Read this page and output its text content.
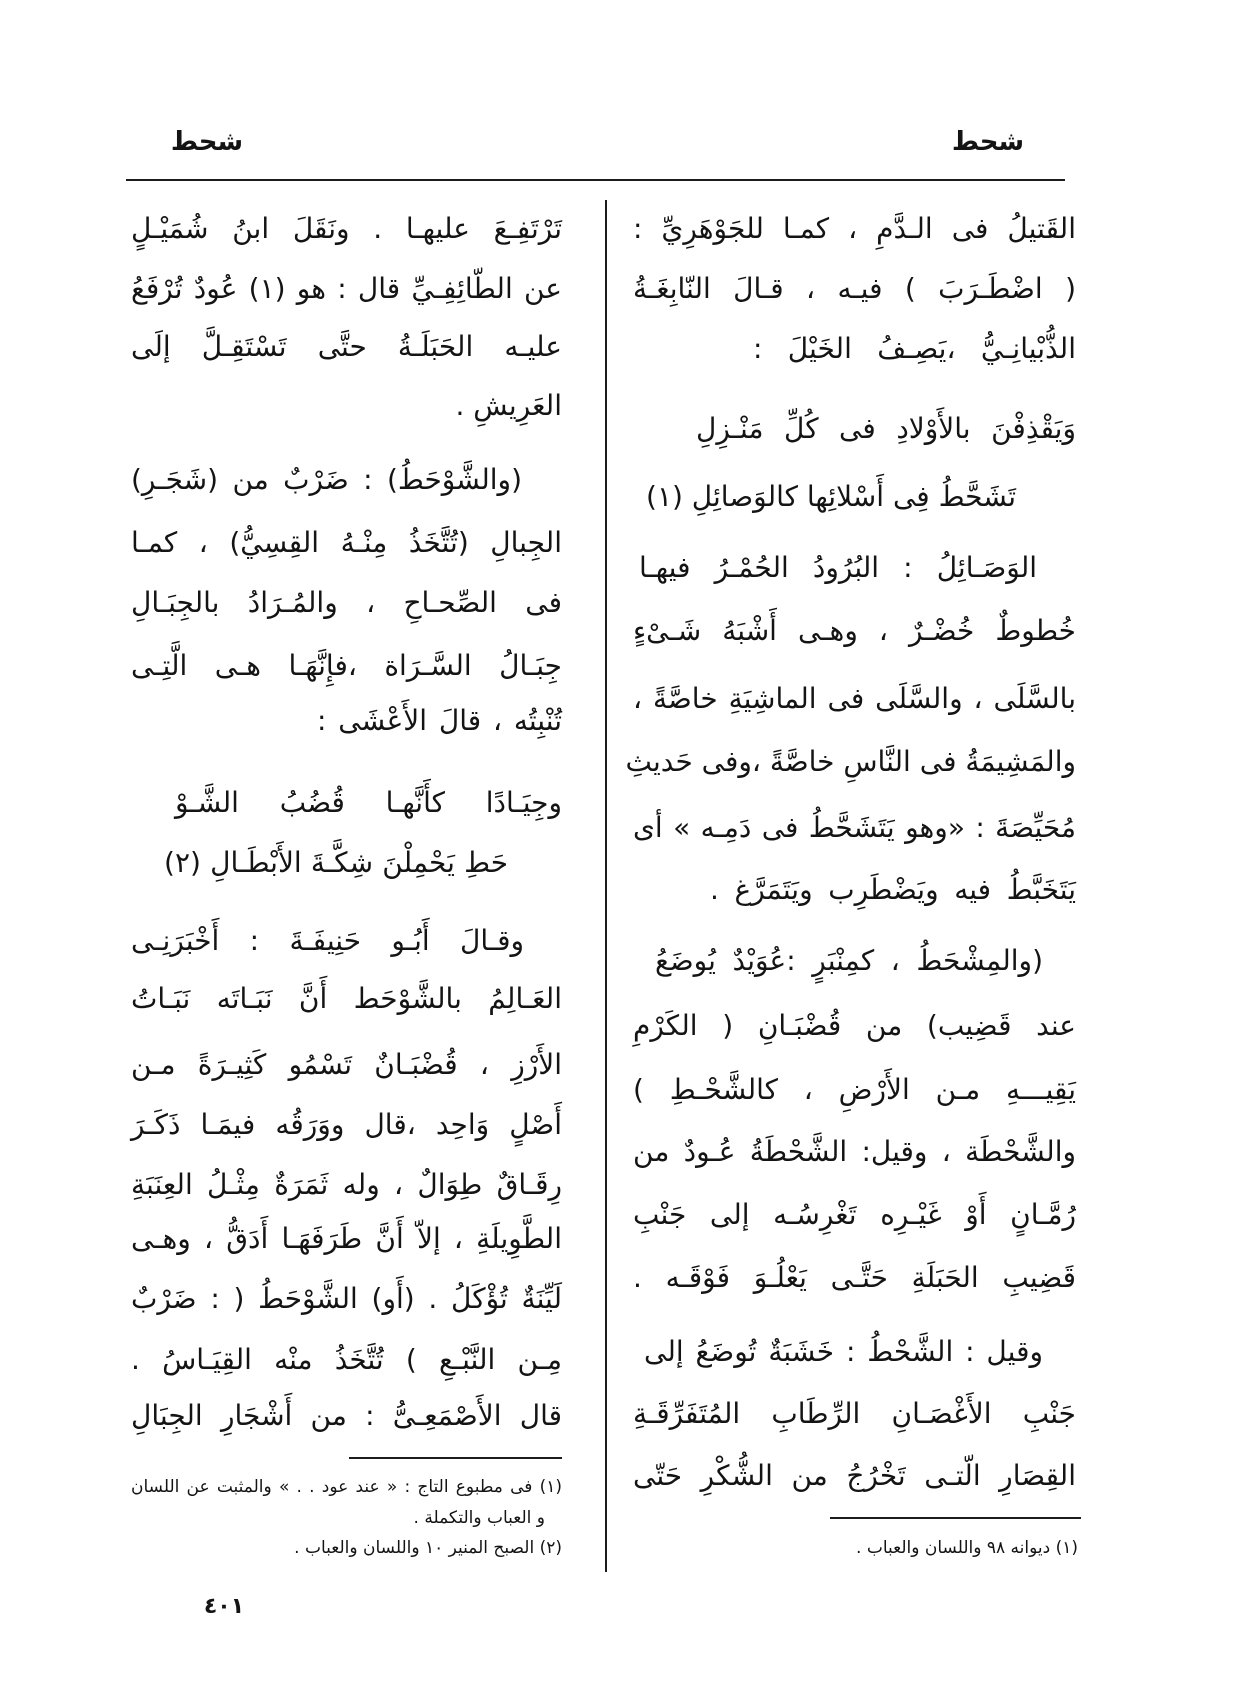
شحط
شحط
القَتيلُ فى الـدَّمِ ، كمـا للجَوْهَرِيِّ :
( اضْطَـرَبَ ) فيـه ، قـالَ النّابِغَـةُ
الذُّبْيانِـيُّ ،يَصِـفُ الخَيْلَ :
وَيَقْذِفْنَ بالأَوْلادِ فى كُلِّ مَنْـزِلِ
تَشَحَّطُ فِى أَسْلائِها كالوَصائِلِ (١)
الوَصَـائِلُ : البُرُودُ الحُمْـرُ فيهـا
خُطوطٌ خُضْـرٌ ، وهـى أَشْبَهُ شَـىْءٍ
بالسَّلَى ، والسَّلَى فى الماشِيَةِ خاصَّةً ،
والمَشِيمَةُ فى النَّاسِ خاصَّةً ،وفى حَديثِ
مُحَيِّصَةَ : «وهو يَتَشَحَّطُ فى دَمِـه » أى
يَتَخَبَّطُ فيه ويَضْطَرِب ويَتَمَرَّغ .
(والمِشْحَطُ ، كمِنْبَرٍ :عُوَيْدٌ يُوضَعُ
عند قَضِيب) من قُضْبَـانِ ( الكَرْمِ
يَقِيـــهِ مـن الأَرْضِ ، كالشَّحْـطِ )
والشَّحْطَة ، وقيل: الشَّحْطَةُ عُـودٌ من
رُمَّـانٍ أَوْ غَيْـرِه تَغْرِسُـه إلى جَنْبِ
قَضِيبِ الحَبَلَةِ حَتَّـى يَعْلُـوَ فَوْقَـه .
وقيل : الشَّحْطُ : خَشَبَةٌ تُوضَعُ إلى
جَنْبِ الأَغْصَـانِ الرِّطَابِ المُتَفَرِّقَـةِ
القِصَارِ الّتـى تَخْرُجُ من الشُّكْرِ حَتّى
(١) ديوانه ٩٨ واللسان والعباب .
تَرْتَفِـعَ عليهـا . ونَقَلَ ابنُ شُمَيْـلٍ
عن الطّائِفِـيِّ قال : هو (١) عُودٌ تُرْفَعُ
عليـه الحَبَلَـةُ حتَّى تَسْتَقِـلَّ إلَى
العَرِيشِ .
(والشَّوْحَطُ) : ضَرْبٌ من (شَجَـرِ)
الجِبالِ (تُتَّخَذُ مِنْـهُ القِسِيُّ) ، كمـا
فى الصِّحـاحِ ، والمُـرَادُ بالجِبَـالِ
جِبَـالُ السَّـرَاة ،فإِنَّهَـا هـى الَّتِـى
تُنْبِتُه ، قالَ الأَعْشَى :
وجِيَـادًا كأَنَّهـا قُضُبُ الشَّـوْ
حَطِ يَحْمِلْنَ شِكَّـةَ الأَبْطَـالِ (٢)
وقـالَ أَبُـو حَنِيفَـةَ : أَخْبَرَنِـى
العَـالِمُ بالشَّوْحَط أَنَّ نَبَـاتَه نَبَـاتُ
الأَرْزِ ، قُضْبَـانٌ تَسْمُو كَثِيـرَةً مـن
أَصْلٍ وَاحِد ،قال ووَرَقُه فيمَـا ذَكَـرَ
رِقَـاقٌ طِوَالٌ ، وله ثَمَرَةٌ مِثْـلُ العِنَبَةِ
الطَّوِيلَةِ ، إلاّ أَنَّ طَرَفَهَـا أَدَقُّ ، وهـى
لَيِّنَةٌ تُؤْكَلُ . (أَو) الشَّوْحَطُ ( : ضَرْبٌ
مِـن النَّبْـعِ ) تُتَّخَذُ منْه القِيَـاسُ .
قال الأَصْمَعِـىُّ : من أَشْجَارِ الجِبَالِ
(١) فى مطبوع التاج : « عند عود . . » والمثبت عن اللسان
و العباب والتكملة .
(٢) الصبح المنير ١٠ واللسان والعباب .
٤٠١
